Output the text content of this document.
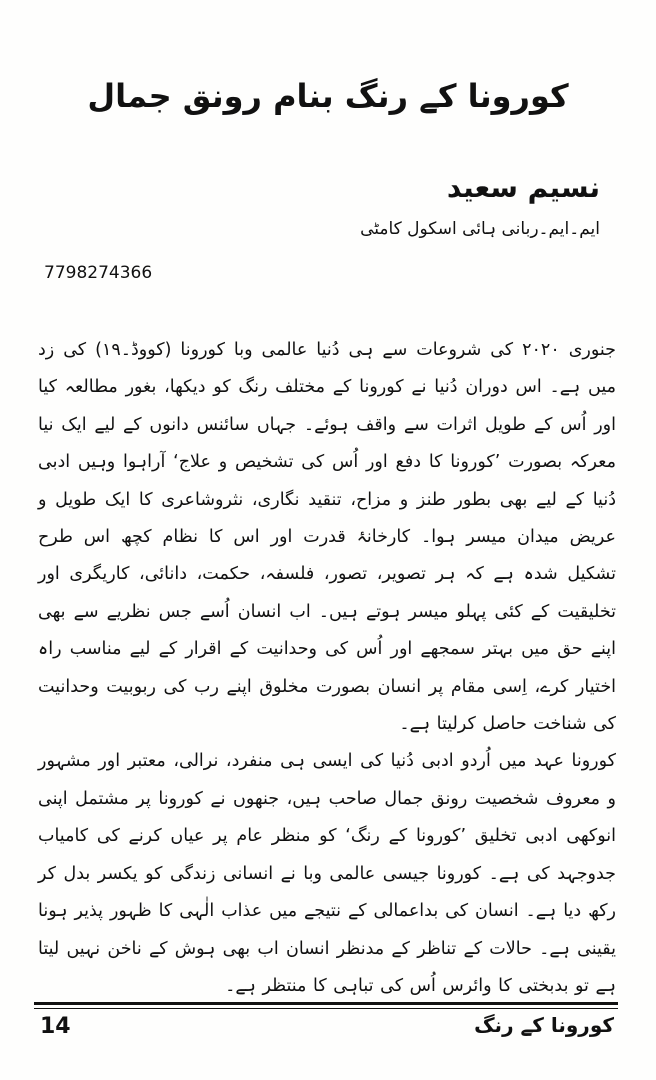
کورونا کے رنگ بنام رونق جمال
نسیم سعید
ایم۔ایم۔ربانی ہائی اسکول کامٹی
7798274366

جنوری ۲۰۲۰ کی شروعات سے ہی دُنیا عالمی وبا کورونا (کووڈ۔۱۹) کی زد میں ہے۔ اس دوران دُنیا نے کورونا کے مختلف رنگ کو دیکھا، بغور مطالعہ کیا اور اُس کے طویل اثرات سے واقف ہوئے۔ جہاں سائنس دانوں کے لیے ایک نیا معرکہ بصورت ’کورونا کا دفع اور اُس کی تشخیص و علاج‘ آراہوا وہیں ادبی دُنیا کے لیے بھی بطور طنز و مزاح، تنقید نگاری، نثروشاعری کا ایک طویل و عریض میدان میسر ہوا۔ کارخانۂ قدرت اور اس کا نظام کچھ اس طرح تشکیل شدہ ہے کہ ہر تصویر، تصور، فلسفہ، حکمت، دانائی، کاریگری اور تخلیقیت کے کئی پہلو میسر ہوتے ہیں۔ اب انسان اُسے جس نظریے سے بھی اپنے حق میں بہتر سمجھے اور اُس کی وحدانیت کے اقرار کے لیے مناسب راہ اختیار کرے، اِسی مقام پر انسان بصورت مخلوق اپنے رب کی ربوبیت وحدانیت کی شناخت حاصل کرلیتا ہے۔

کورونا عہد میں اُردو ادبی دُنیا کی ایسی ہی منفرد، نرالی، معتبر اور مشہور و معروف شخصیت رونق جمال صاحب ہیں، جنھوں نے کورونا پر مشتمل اپنی انوکھی ادبی تخلیق ’کورونا کے رنگ‘ کو منظر عام پر عیاں کرنے کی کامیاب جدوجہد کی ہے۔ کورونا جیسی عالمی وبا نے انسانی زندگی کو یکسر بدل کر رکھ دیا ہے۔ انسان کی بداعمالی کے نتیجے میں عذاب الٰہی کا ظہور پذیر ہونا یقینی ہے۔ حالات کے تناظر کے مدنظر انسان اب بھی ہوش کے ناخن نہیں لیتا ہے تو بدبختی کا وائرس اُس کی تباہی کا منتظر ہے۔

14	کورونا کے رنگ
